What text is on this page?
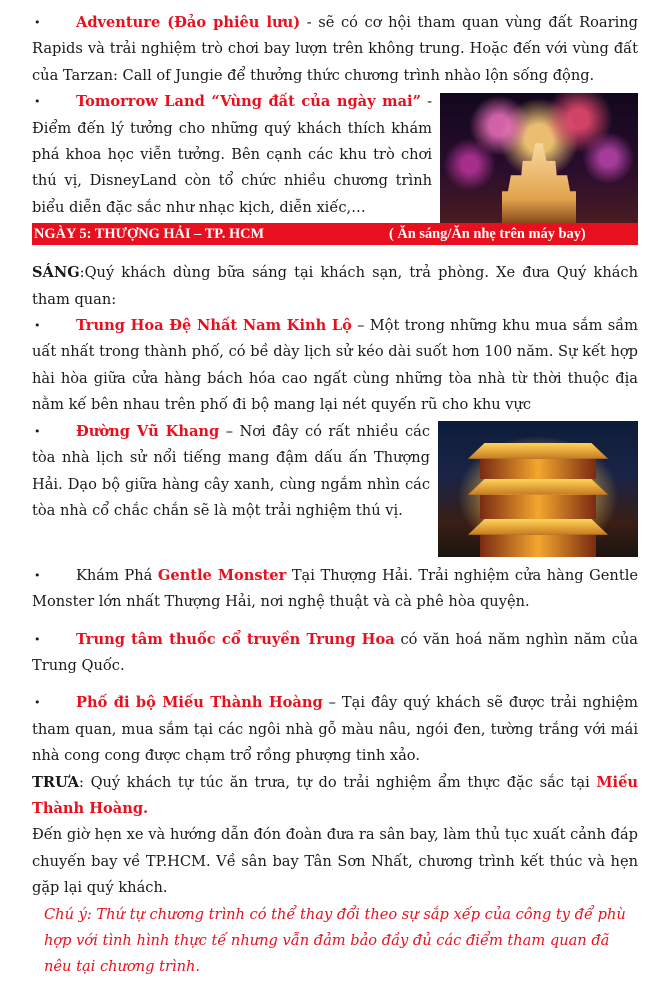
• Adventure (Đảo phiêu lưu) - sẽ có cơ hội tham quan vùng đất Roaring Rapids và trải nghiệm trò chơi bay lượn trên không trung. Hoặc đến với vùng đất của Tarzan: Call of Jungie để thưởng thức chương trình nhào lộn sống động.

• Tomorrow Land “Vùng đất của ngày mai” - Điểm đến lý tưởng cho những quý khách thích khám phá khoa học viễn tưởng. Bên cạnh các khu trò chơi thú vị, DisneyLand còn tổ chức nhiều chương trình biểu diễn đặc sắc như nhạc kịch, diễn xiếc,…

NGÀY 5: THƯỢNG HẢI – TP. HCM	( Ăn sáng/Ăn nhẹ trên máy bay)

SÁNG:Quý khách dùng bữa sáng tại khách sạn, trả phòng. Xe đưa Quý khách tham quan:

• Trung Hoa Đệ Nhất Nam Kinh Lộ – Một trong những khu mua sắm sầm uất nhất trong thành phố, có bề dày lịch sử kéo dài suốt hơn 100 năm. Sự kết hợp hài hòa giữa cửa hàng bách hóa cao ngất cùng những tòa nhà từ thời thuộc địa nằm kế bên nhau trên phố đi bộ mang lại nét quyến rũ cho khu vực

• Đường Vũ Khang – Nơi đây có rất nhiều các tòa nhà lịch sử nổi tiếng mang đậm dấu ấn Thượng Hải. Dạo bộ giữa hàng cây xanh, cùng ngắm nhìn các tòa nhà cổ chắc chắn sẽ là một trải nghiệm thú vị.

• Khám Phá Gentle Monster Tại Thượng Hải. Trải nghiệm cửa hàng Gentle Monster lớn nhất Thượng Hải, nơi nghệ thuật và cà phê hòa quyện.

• Trung tâm thuốc cổ truyền Trung Hoa có văn hoá năm nghìn năm của Trung Quốc.

• Phố đi bộ Miếu Thành Hoàng – Tại đây quý khách sẽ được trải nghiệm tham quan, mua sắm tại các ngôi nhà gỗ màu nâu, ngói đen, tường trắng với mái nhà cong cong được chạm trổ rồng phượng tinh xảo.

TRƯA: Quý khách tự túc ăn trưa, tự do trải nghiệm ẩm thực đặc sắc tại Miếu Thành Hoàng.

Đến giờ hẹn xe và hướng dẫn đón đoàn đưa ra sân bay, làm thủ tục xuất cảnh đáp chuyến bay về TP.HCM. Về sân bay Tân Sơn Nhất, chương trình kết thúc và hẹn gặp lại quý khách.

Chú ý: Thứ tự chương trình có thể thay đổi theo sự sắp xếp của công ty để phù hợp với tình hình thực tế nhưng vẫn đảm bảo đầy đủ các điểm tham quan đã nêu tại chương trình.
